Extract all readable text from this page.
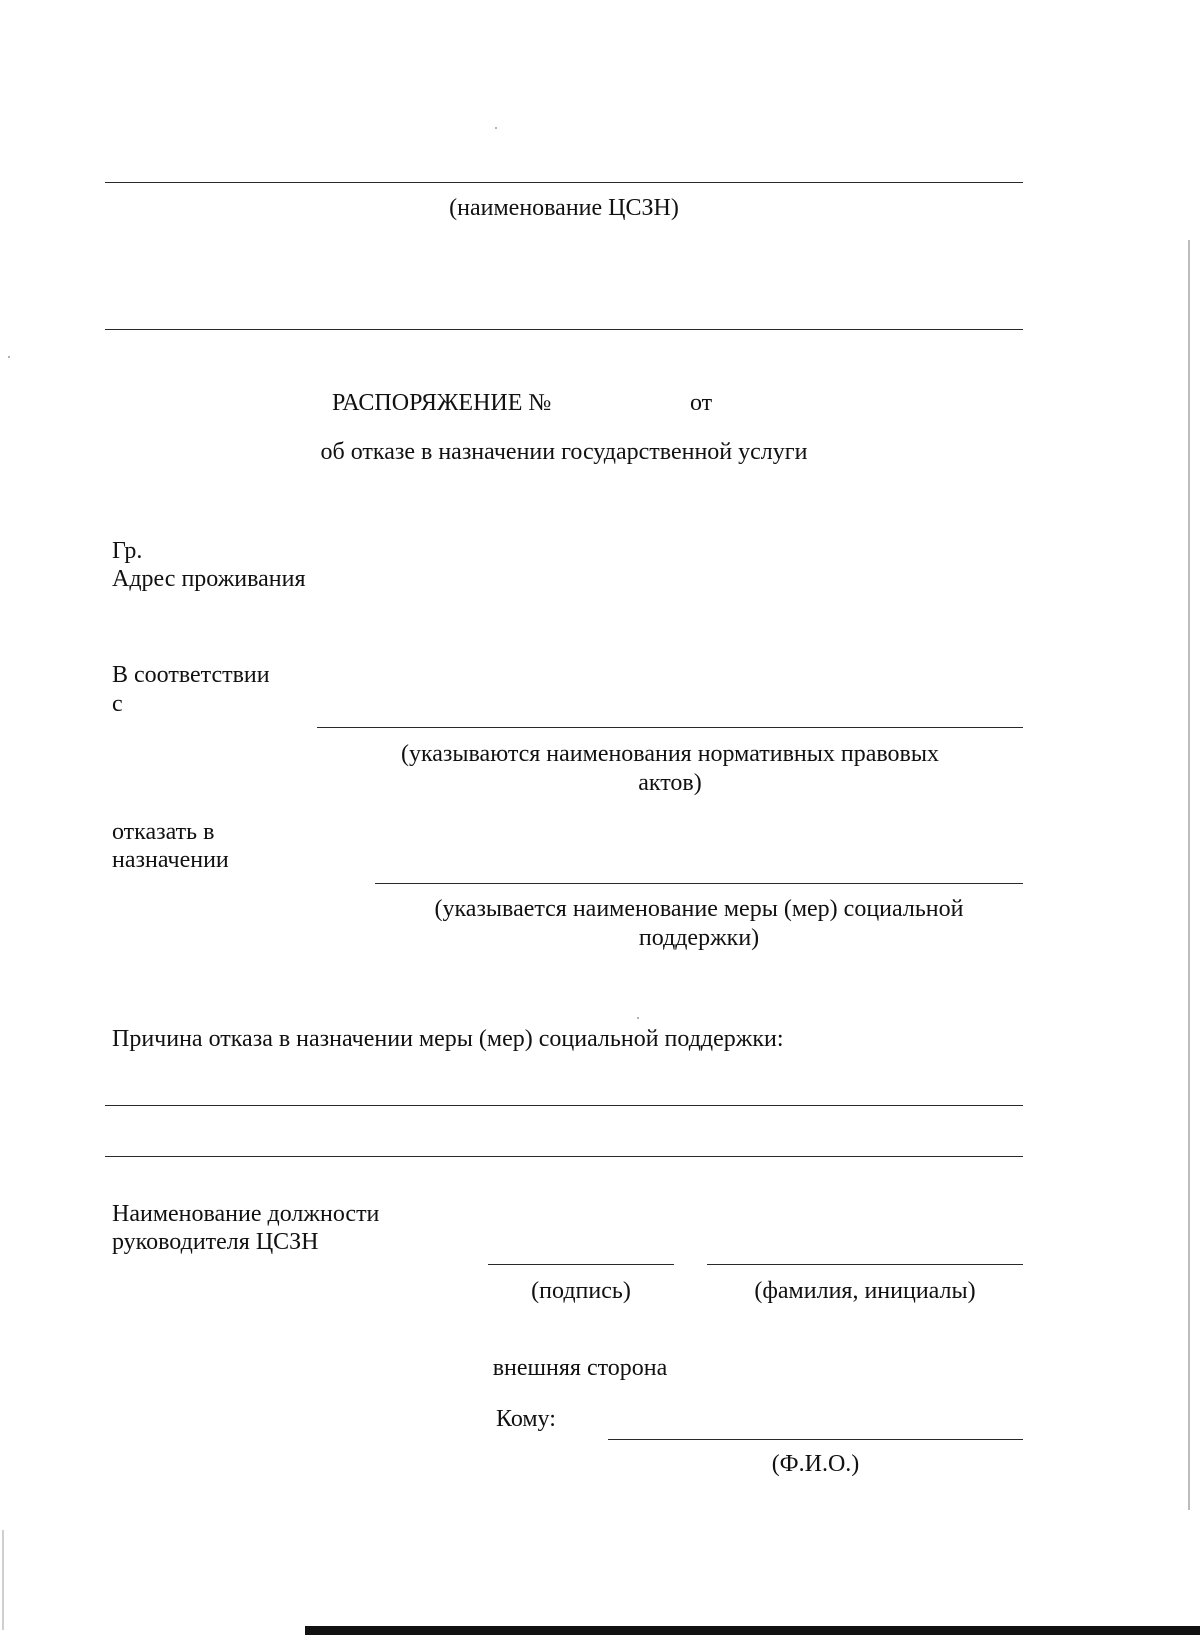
(наименование ЦСЗН)
РАСПОРЯЖЕНИЕ №	от
об отказе в назначении государственной услуги
Гр.
Адрес проживания
В соответствии
с
(указываются наименования нормативных правовых
актов)
отказать в
назначении
(указывается наименование меры (мер) социальной
поддержки)
Причина отказа в назначении меры (мер) социальной поддержки:
Наименование должности
руководителя ЦСЗН
(подпись)	(фамилия, инициалы)
внешняя сторона
Кому:
(Ф.И.О.)
